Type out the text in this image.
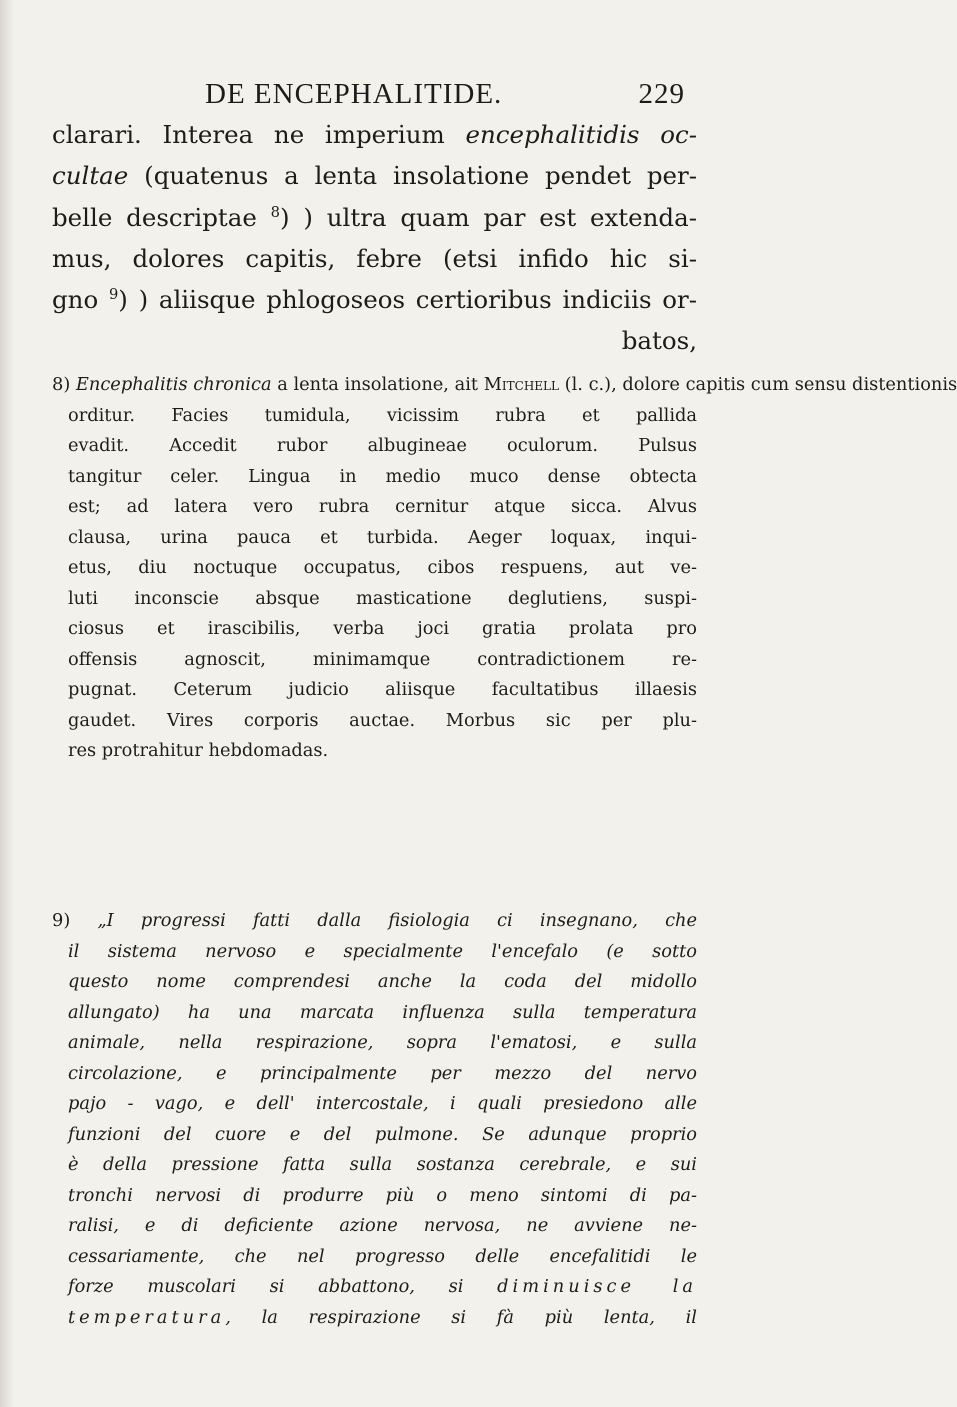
DE ENCEPHALITIDE.	229
clarari. Interea ne imperium encephalitidis oc-
cultae (quatenus a lenta insolatione pendet per-
belle descriptae $^8$) ) ultra quam par est extenda-
mus, dolores capitis, febre (etsi infido hic si-
gno $^9$) ) aliisque phlogoseos certioribus indiciis or-
batos,
8) Encephalitis chronica a lenta insolatione, ait Mitchell (l. c.), dolore capitis cum sensu distentionis
orditur. Facies tumidula, vicissim rubra et pallida
evadit. Accedit rubor albugineae oculorum. Pulsus
tangitur celer. Lingua in medio muco dense obtecta
est; ad latera vero rubra cernitur atque sicca. Alvus
clausa, urina pauca et turbida. Aeger loquax, inqui-
etus, diu noctuque occupatus, cibos respuens, aut ve-
luti inconscie absque masticatione deglutiens, suspi-
ciosus et irascibilis, verba joci gratia prolata pro
offensis agnoscit, minimamque contradictionem re-
pugnat. Ceterum judicio aliisque facultatibus illaesis
gaudet. Vires corporis auctae. Morbus sic per plu-
res protrahitur hebdomadas.
9) „I progressi fatti dalla fisiologia ci insegnano, che
il sistema nervoso e specialmente l'encefalo (e sotto
questo nome comprendesi anche la coda del midollo
allungato) ha una marcata influenza sulla temperatura
animale, nella respirazione, sopra l'ematosi, e sulla
circolazione, e principalmente per mezzo del nervo
pajo - vago, e dell' intercostale, i quali presiedono alle
funzioni del cuore e del pulmone. Se adunque proprio
è della pressione fatta sulla sostanza cerebrale, e sui
tronchi nervosi di produrre più o meno sintomi di pa-
ralisi, e di deficiente azione nervosa, ne avviene ne-
cessariamente, che nel progresso delle encefalitidi le
forze muscolari si abbattono, si diminuisce la
temperatura, la respirazione si fà più lenta, il
